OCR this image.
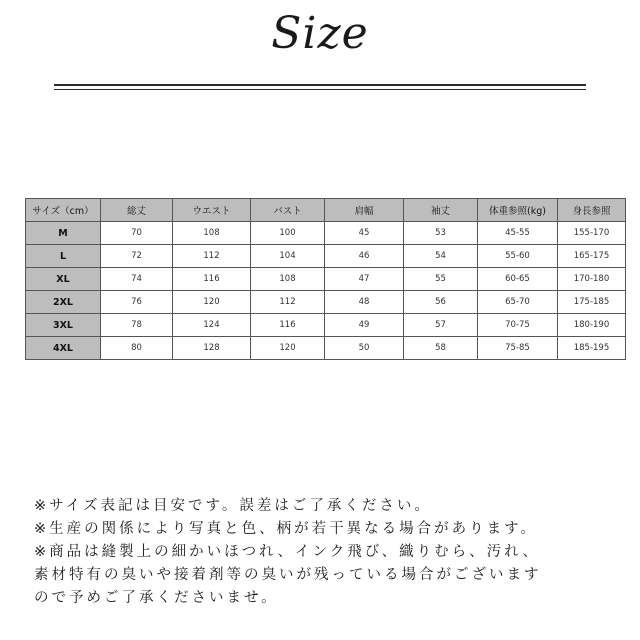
Size
サイズ（cm）	総丈	ウエスト	バスト	肩幅	袖丈	体重参照(kg)	身長参照
M	70	108	100	45	53	45-55	155-170
L	72	112	104	46	54	55-60	165-175
XL	74	116	108	47	55	60-65	170-180
2XL	76	120	112	48	56	65-70	175-185
3XL	78	124	116	49	57	70-75	180-190
4XL	80	128	120	50	58	75-85	185-195
※サイズ表記は目安です。誤差はご了承ください。
※生産の関係により写真と色、柄が若干異なる場合があります。
※商品は縫製上の細かいほつれ、インク飛び、織りむら、汚れ、
素材特有の臭いや接着剤等の臭いが残っている場合がございます
ので予めご了承くださいませ。
